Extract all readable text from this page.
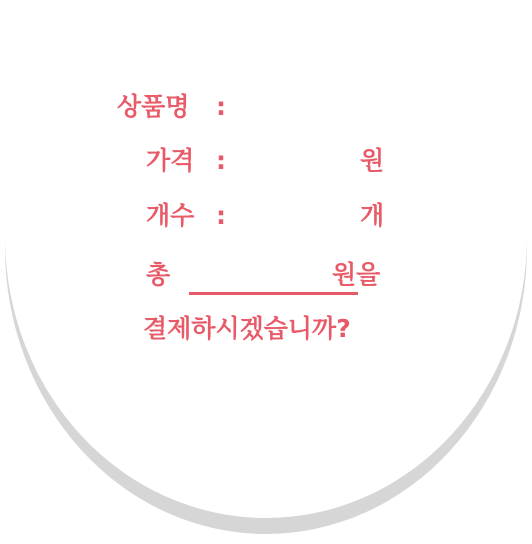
상품명 :
가격 :	원
개수 :	개
총	원을
결제하시겠습니까?
